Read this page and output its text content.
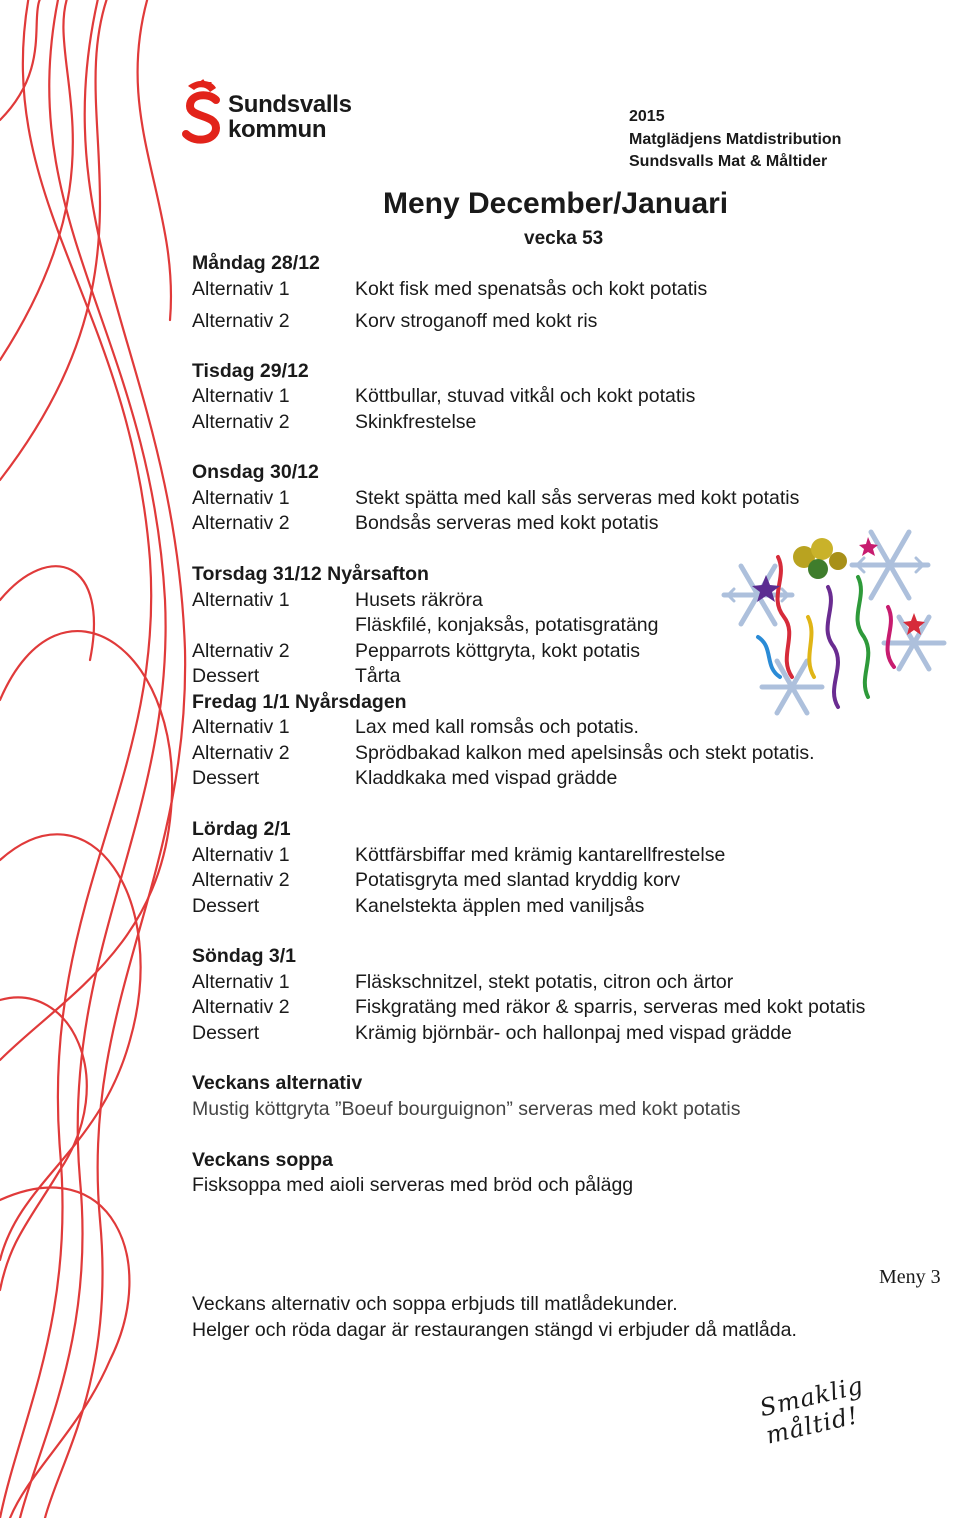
Sundsvalls
kommun	2015
Matglädjens Matdistribution
Sundsvalls Mat & Måltider
Meny December/Januari
vecka 53
Måndag 28/12
Alternativ 1	Kokt fisk med spenatsås och kokt potatis
Alternativ 2	Korv stroganoff med kokt ris
Tisdag 29/12
Alternativ 1	Köttbullar, stuvad vitkål och kokt potatis
Alternativ 2	Skinkfrestelse
Onsdag 30/12
Alternativ 1	Stekt spätta med kall sås serveras med kokt potatis
Alternativ 2	Bondsås serveras med kokt potatis
Torsdag 31/12 Nyårsafton
Alternativ 1	Husets räkröra
Fläskfilé, konjaksås, potatisgratäng
Alternativ 2	Pepparrots köttgryta, kokt potatis
Dessert	Tårta
Fredag 1/1 Nyårsdagen
Alternativ 1	Lax med kall romsås och potatis.
Alternativ 2	Sprödbakad kalkon med apelsinsås och stekt potatis.
Dessert	Kladdkaka med vispad grädde
Lördag 2/1
Alternativ 1	Köttfärsbiffar med krämig kantarellfrestelse
Alternativ 2	Potatisgryta med slantad kryddig korv
Dessert	Kanelstekta äpplen med vaniljsås
Söndag 3/1
Alternativ 1	Fläskschnitzel, stekt potatis, citron och ärtor
Alternativ 2	Fiskgratäng med räkor & sparris, serveras med kokt potatis
Dessert	Krämig björnbär- och hallonpaj med vispad grädde
Veckans alternativ
Mustig köttgryta ”Boeuf bourguignon” serveras med kokt potatis
Veckans soppa
Fisksoppa med aioli serveras med bröd och pålägg
Meny 3
Veckans alternativ och soppa erbjuds till matlådekunder.
Helger och röda dagar är restaurangen stängd vi erbjuder då matlåda.
Smaklig måltid!
